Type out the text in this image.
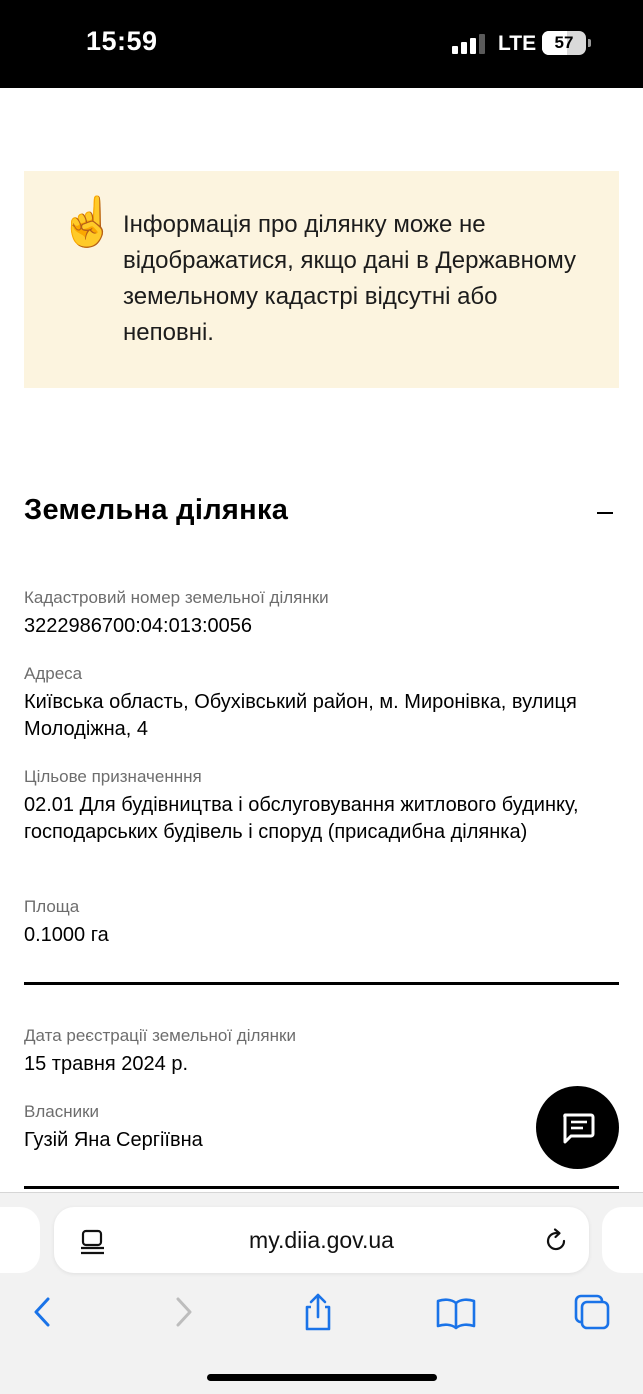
15:59	LTE	57
☝️ Інформація про ділянку може не відображатися, якщо дані в Державному земельному кадастрі відсутні або неповні.

Земельна ділянка
Кадастровий номер земельної ділянки
3222986700:04:013:0056
Адреса
Київська область, Обухівський район, м. Миронівка, вулиця Молодіжна, 4
Цільове призначенння
02.01 Для будівництва і обслуговування житлового будинку, господарських будівель і споруд (присадибна ділянка)
Площа
0.1000 га
Дата реєстрації земельної ділянки
15 травня 2024 р.
Власники
Гузій Яна Сергіївна
my.diia.gov.ua
